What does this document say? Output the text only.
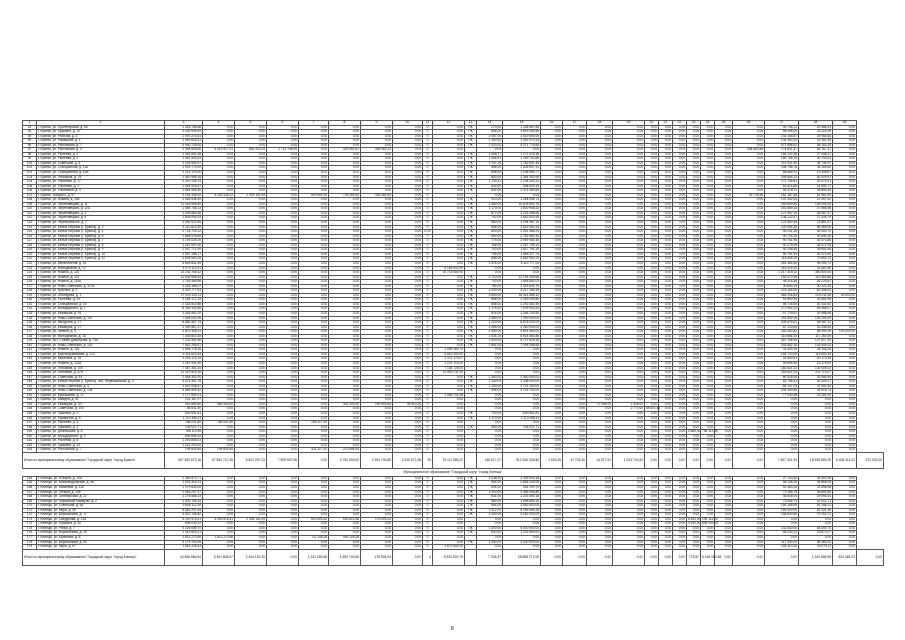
1	2	3	4	5	6	7	8	9	10	11	12	13	14	15	16	17	18	19	20	21	22	23	24	25	26	27	28	29	
92	г. Брянск, ул. Пролетарская, д. 66	1 418 756,88	0,00	0,00	0,00	0,00	0,00	0,00	0,00	0	0,00	ПК	270,00	1 148 567,88	0,00	0,00	0,00	0,00	0,00	0,00	0,00	0,00	0,00	0,00	0,00	49 745,21	29 388,41	0,00	
93	г. Брянск, ул. Пушкина, д. 10	4 100 905,09	0,00	0,00	0,00	0,00	0,00	0,00	0,00	0	0,00	ПК	666,00	3 649 349,59	0,00	0,00	0,00	0,00	0,00	0,00	0,00	0,00	0,00	0,00	0,00	58 058,05	43 114,05	0,00	
94	г. Брянск, ул. Рабочая, д. 5	2 900 274,61	0,00	0,00	0,00	0,00	0,00	0,00	0,00	0	0,00	ПК	2 057,00	2 619 690,05	0,00	0,00	0,00	0,00	0,00	0,00	0,00	0,00	0,00	0,00	0,00	232 165,87	28 983,64	0,00	
95	г. Брянск, ул. Ромашина, д. 1	1 569 618,31	0,00	0,00	0,00	0,00	0,00	0,00	0,00	0	0,00	ПК	1 150,00	1 392 273,24	0,00	0,00	0,00	0,00	0,00	0,00	0,00	0,00	0,00	0,00	0,00	134 963,26	42 382,46	0,00	
96	г. Брянск, ул. Ростовская, д. 7	4 990 729,00	0,00	0,00	0,00	0,00	0,00	0,00	0,00	0	0,00	ПК	1 020,00	4 271 775,65	0,00	0,00	0,00	0,00	0,00	0,00	0,00	0,00	0,00	0,00	0,00	571 896,62	46 143,20	0,00	
97	г. Брянск, ул. Ростовская, д. 4	2 394 606,66	4 019 517,91	892 333,09	2 713 746,05	0,00	425 983,51	465 983,23	0,00	0	0,00		0,00	0,00	0,00	0,00	0,00	0,00	0,00	0,00	0,00	0,00	0,00	0,00	354 583,58	174 841,37	82 767,37	0,00	
98	г. Брянск, ул. Рылеева, д. 2	1 351 651,46	0,00	0,00	0,00	0,00	0,00	0,00	0,00	0	0,00	ПК	1 055,77	1 171 015,36	0,00	0,00	0,00	0,00	0,00	0,00	0,00	0,00	0,00	0,00	0,00	154 122,38	27 448,17	0,00	
99	г. Брянск, ул. Рылеева, д. 3	1 462 400,03	0,00	0,00	0,00	0,00	0,00	0,00	0,00	0	0,00	ПК	1 496,51	1 259 742,86	0,00	0,00	0,00	0,00	0,00	0,00	0,00	0,00	0,00	0,00	0,00	150 705,78	40 793,03	0,00	
100	г. Брянск, ул. Советская, д. 5	2 028 554,97	0,00	0,00	0,00	0,00	0,00	0,00	0,00	0	0,00	ПК	1 147,20	1 782 691,38	0,00	0,00	0,00	0,00	0,00	0,00	0,00	0,00	0,00	0,00	0,00	211 031,54	34 734,97	0,00	
101	г. Брянск, ул. Станционная, д. 11А	1 503 774,00	0,00	0,00	0,00	0,00	0,00	0,00	0,00	0	0,00	ПК	856,00	1 306 607,31	0,00	0,00	0,00	0,00	0,00	0,00	0,00	0,00	0,00	0,00	0,00	158 768,78	36 165,62	0,00	
102	г. Брянск, ул. Станционная, д. 13А	1 213 170,00	0,00	0,00	0,00	0,00	0,00	0,00	0,00	0	0,00	ПК	848,00	1 108 985,77	0,00	0,00	0,00	0,00	0,00	0,00	0,00	0,00	0,00	0,00	0,00	84 864,91	19 308,67	0,00	
103	г. Брянск, ул. Тельмана, д. 78	2 840 985,18	0,00	0,00	0,00	0,00	0,00	0,00	0,00	0	0,00	ПК	850,00	2 384 092,69	0,00	0,00	0,00	0,00	0,00	0,00	0,00	0,00	0,00	0,00	0,00	394 664,23	62 009,51	0,00	
104	г. Брянск, ул. Ульянова, д. 17	2 310 135,79	0,00	0,00	0,00	0,00	0,00	0,00	0,00	0	0,00	ПК	1 130,11	2 108 340,22	0,00	0,00	0,00	0,00	0,00	0,00	0,00	0,00	0,00	0,00	0,00	171 748,81	30 074,41	0,00	
105	г. Брянск, ул. Ульянова, д. 2	1 044 918,57	0,00	0,00	0,00	0,00	0,00	0,00	0,00	0	0,00	ПК	440,00	948 826,15	0,00	0,00	0,00	0,00	0,00	0,00	0,00	0,00	0,00	0,00	0,00	81 614,65	14 594,77	0,00	
106	г. Брянск, ул. Ульяновой, д. 4	2 844 989,50	0,00	0,00	0,00	0,00	0,00	0,00	0,00	0	0,00	ПК	544,00	2 375 360,65	0,00	0,00	0,00	0,00	0,00	0,00	0,00	0,00	0,00	0,00	0,00	49 378,71	39 894,63	0,00	
107	г. Брянск, Урицкого, д. 97	4 153 336,02	4 153 336,02	2 924 152,49	0,00	519 905,30	709 289,50	355 384,60	0,00	0	0,00		0,00	0,00	0,00	0,00	0,00	0,00	0,00	0,00	0,00	0,00	0,00	0,00	49 725,85	162 187,56	51 962,40	0,00	
108	г. Брянск, ул. Фокина, д. 106	1 446 546,40	0,00	0,00	0,00	0,00	0,00	0,00	0,00	0	0,00	ПК	910,00	1 288 046,73	0,00	0,00	0,00	0,00	0,00	0,00	0,00	0,00	0,00	0,00	0,00	137 042,05	21 457,62	0,00	
109	г. Брянск, ул. Череповецкая, д. 11	11 418 555,50	0,00	0,00	0,00	0,00	0,00	0,00	0,00	0	0,00	ПК	2 480,00	10 878 650,75	0,00	0,00	0,00	0,00	0,00	0,00	0,00	0,00	0,00	0,00	0,00	390 699,80	149 205,05	0,00	
110	г. Брянск, ул. Череповецкая, д. 12А	1 689 756,13	0,00	0,00	0,00	0,00	0,00	0,00	0,00	0	0,00	ПК	1 170,00	1 500 908,22	0,00	0,00	0,00	0,00	0,00	0,00	0,00	0,00	0,00	0,00	0,00	161 689,33	27 968,58	0,00	
111	г. Брянск, ул. Череповецкая, д. 4	2 305 883,46	0,00	0,00	0,00	0,00	0,00	0,00	0,00	0	0,00	ПК	872,00	2 101 088,65	0,00	0,00	0,00	0,00	0,00	0,00	0,00	0,00	0,00	0,00	0,00	171 487,14	36 087,47	0,00	
112	г. Брянск, ул. Череповецкая, д. 5	1 808 094,53	0,00	0,00	0,00	0,00	0,00	0,00	0,00	0	0,00	ПК	792,00	1 642 624,95	0,00	0,00	0,00	0,00	0,00	0,00	0,00	0,00	0,00	0,00	0,00	138 122,57	27 435,79	0,00	
113	г. Брянск, ул. Черняховского, д. 7	1 430 522,60	0,00	0,00	0,00	0,00	0,00	0,00	0,00	0	0,00	ПК	680,00	1 294 567,14	0,00	0,00	0,00	0,00	0,00	0,00	0,00	0,00	0,00	0,00	0,00	121 060,44	22 861,67	0,00	
114	г. Брянск, ул. Белые Березки (г. Брянск), д. 2	4 110 814,50	0,00	0,00	0,00	0,00	0,00	0,00	0,00	0	0,00	ПК	896,00	3 833 450,26	0,00	0,00	0,00	0,00	0,00	0,00	0,00	0,00	0,00	0,00	0,00	220 954,38	56 369,06	0,00	
115	г. Брянск, ул. Белые Березки (г. Брянск), д. 4	2 718 714,12	0,00	0,00	0,00	0,00	0,00	0,00	0,00	0,00	0,00	ПК	800,00	2 592 466,24	0,00	0,00	0,00	0,00	0,00	0,00	0,00	0,00	0,00	0,00	0,00	90 231,28	40 000,70	0,00	
116	г. Брянск, ул. Белые Березки (г. Брянск), д. 6	2 868 978,85	0,00	0,00	0,00	0,00	0,00	0,00	0,00	0	0,00	ПК	500,00	2 782 860,34	0,00	0,00	0,00	0,00	0,00	0,00	0,00	0,00	0,00	0,00	0,00	40 718,25	30 440,26	0,00	
117	г. Брянск, ул. Белые Березки (г. Брянск), д. 7	2 193 025,20	0,00	0,00	0,00	0,00	0,00	0,00	0,00	0	0,00	ПК	775,00	2 059 454,30	0,00	0,00	0,00	0,00	0,00	0,00	0,00	0,00	0,00	0,00	0,00	90 751,95	43 373,86	0,00	
118	г. Брянск, ул. Белые Березки (г. Брянск), д. 8	2 187 057,00	0,00	0,00	0,00	0,00	0,00	0,00	0,00	0	0,00	ПК	765,00	2 057 706,10	0,00	0,00	0,00	0,00	0,00	0,00	0,00	0,00	0,00	0,00	0,00	90 279,55	38 371,95	0,00	
119	г. Брянск, ул. Белые Березки (г. Брянск), д. 9	2 047 771,90	0,00	0,00	0,00	0,00	0,00	0,00	0,00	0	0,00	ПК	700,00	1 917 791,30	0,00	0,00	0,00	0,00	0,00	0,00	0,00	0,00	0,00	0,00	0,00	90 198,95	39 681,65	0,00	
120	г. Брянск, ул. Белые Березки (г. Брянск), д. 10	2 097 288,77	0,00	0,00	0,00	0,00	0,00	0,00	0,00	0	0,00	ПК	706,00	1 966 117,74	0,00	0,00	0,00	0,00	0,00	0,00	0,00	0,00	0,00	0,00	0,00	90 751,53	40 373,40	0,00	
121	г. Брянск, ул. Белые Березки (г. Брянск), д. 11	2 839 990,25	0,00	0,00	0,00	0,00	0,00	0,00	0,00	0	0,00	ПК	808,00	2 652 592,24	0,00	0,00	0,00	0,00	0,00	0,00	0,00	0,00	0,00	0,00	0,00	116 545,29	70 852,72	0,00	
122	г. Брянск, ул. Металлистов, д. 16	5 645 831,45	0,00	0,00	0,00	0,00	0,00	0,00	0,00	0	0,00	ПК	1 575,00	5 110 777,00	0,00	0,00	0,00	0,00	0,00	0,00	0,00	0,00	0,00	0,00	0,00	351 465,40	98 294,72	0,00	
123	г. Брянск, ул. Молодежная, д. 12	5 274 113,91	0,00	0,00	0,00	0,00	0,00	0,00	0,00	0	5 156 902,99		0,00	0,00	0,00	0,00	0,00	0,00	0,00	0,00	0,00	0,00	0,00	0,00	0,00	118 376,94	41 662,85	0,00	
124	г. Брянск, ул. Фокина, д. 110	22 232 769,22	0,00	0,00	0,00	0,00	0,00	0,00	0,00	0	20 715 450,00		0,00	0,00	0,00	0,00	0,00	0,00	0,00	0,00	0,00	0,00	0,00	0,00	0,00	1 217 319,22	380 000,00	0,00	
125	г. Брянск, ул. Фокина, д. 113	12 533 958,44	0,00	0,00	0,00	0,00	0,00	0,00	0,00	0	0,00	ПК	2 710,00	12 151 539,68	0,00	0,00	0,00	0,00	0,00	0,00	0,00	0,00	0,00	0,00	0,00	260 073,48	119 383,88	0,00	
126	г. Брянск, ул. Фокина, д. 115А	1 783 489,56	0,00	0,00	0,00	0,00	0,00	0,00	0,00	0	0,00	ПК	720,00	1 658 852,03	0,00	0,00	0,00	0,00	0,00	0,00	0,00	0,00	0,00	0,00	0,00	98 416,86	26 220,67	0,00	
127	г. Брянск, ул. Ново-Советская, д. 117А	2 426 185,07	0,00	0,00	0,00	0,00	0,00	0,00	0,00	0	0,00	ПК	780,00	2 315 624,79	0,00	0,00	0,00	0,00	0,00	0,00	0,00	0,00	0,00	0,00	0,00	30 840,33	40 123,28	0,00	
128	г. Брянск, ул. Красина, д. 2	3 302 777,61	0,00	0,00	0,00	0,00	0,00	0,00	0,00	0	0,00	ПК	1 000,00	3 017 254,55	0,00	0,00	0,00	0,00	0,00	0,00	0,00	0,00	0,00	0,00	0,00	223 165,06	62 358,00	0,00	
129	г. Брянск, ул. Объездная, д. 3	17 020 205,11	0,00	0,00	0,00	0,00	0,00	0,00	0,00	0	0,00	ПК	2 800,00	16 314 856,32	0,00	0,00	0,00	0,00	0,00	0,00	0,00	0,00	0,00	0,00	0,00	485 336,83	220 011,96	30 000,00	
130	г. Брянск, ул. Рылеева, д. 25	2 184 171,15	0,00	0,00	0,00	0,00	0,00	0,00	0,00	0	0,00	ПК	856,00	2 049 005,86	0,00	0,00	0,00	0,00	0,00	0,00	0,00	0,00	0,00	0,00	0,00	91 650,34	43 464,95	0,00	
131	г. Брянск, ул. Станционная, д. 15	2 418 510,86	0,00	0,00	0,00	0,00	0,00	0,00	0,00	0	0,00	ПК	856,00	2 292 461,59	0,00	0,00	0,00	0,00	0,00	0,00	0,00	0,00	0,00	0,00	0,00	85 716,65	40 332,62	0,00	
132	г. Брянск, ул. Володарского, д. 1	8 308 333,56	0,00	0,00	0,00	0,00	0,00	0,00	0,00	0	0,00	ПК	1 175,00	7 905 903,25	0,00	0,00	0,00	0,00	0,00	0,00	0,00	0,00	0,00	0,00	0,00	272 964,24	69 466,07	0,00	
133	г. Брянск, ул. Бежицкая, д. 91	1 344 561,00	0,00	0,00	0,00	0,00	0,00	0,00	0,00	0	0,00	ПК	515,00	1 266 744,50	0,00	0,00	0,00	0,00	0,00	0,00	0,00	0,00	0,00	0,00	0,00	57 729,82	20 086,68	0,00	
134	г. Брянск, ул. Ново-Советская, д. 110	7 405 002,06	0,00	0,00	0,00	0,00	0,00	0,00	0,00	0	0,00	ПК	1 580,00	7 000 000,00	0,00	0,00	0,00	0,00	0,00	0,00	0,00	0,00	0,00	0,00	0,00	251 802,04	153 200,00	0,00	
135	г. Брянск, ул. Мичурина, д. 17	8 850 467,74	0,00	0,00	0,00	0,00	0,00	0,00	0,00	0	0,00	ПК	1 200,00	8 578 025,00	0,00	0,00	0,00	0,00	0,00	0,00	0,00	0,00	0,00	0,00	0,00	206 475,61	65 967,11	0,00	
136	г. Брянск, ул. Бежицкая, д. 17	2 390 567,27	0,00	0,00	0,00	0,00	0,00	0,00	0,00	0	0,00	ПК	1 265,00	2 260 000,00	0,00	0,00	0,00	0,00	0,00	0,00	0,00	0,00	0,00	0,00	0,00	87 230,64	43 336,63	0,00	
137	г. Брянск, ул. Ленина, д. 5	4 870 305,21	0,00	0,00	0,00	0,00	0,00	0,00	0,00	0	0,00	ПК	1 460,00	4 501 450,00	0,00	0,00	0,00	0,00	0,00	0,00	0,00	0,00	0,00	0,00	0,00	160 260,82	88 494,39	120 000,00	
138	г. Брянск, ул. Молодежная, д. 18	7 448 810,25	0,00	0,00	0,00	0,00	0,00	0,00	0,00	0	0,00	ПК	1 534,24	6 914 663,56	0,00	0,00	0,00	0,00	0,00	0,00	0,00	0,00	0,00	0,00	0,00	315 886,10	117 260,59	0,00	
139	г. Брянск, пр-т Станке Димитрова, д. 73А	7 232 451,85	0,00	0,00	0,00	0,00	0,00	0,00	0,00	0	0,00	ПК	1 600,00	6 707 825,38	0,00	0,00	0,00	0,00	0,00	0,00	0,00	0,00	0,00	0,00	0,00	387 108,54	137 517,93	0,00	
140	г. Брянск, ул. Ново-Советская, д. 132	7 882 265,87	0,00	0,00	0,00	0,00	0,00	0,00	0,00	0	0,00	ПК	1 851,00	7 395 358,68	0,00	0,00	0,00	0,00	0,00	0,00	0,00	0,00	0,00	0,00	0,00	343 462,16	143 445,03	0,00	
141	г. Брянск, ул. Фокина, д. 101	1 655 778,26	0,00	0,00	0,00	0,00	0,00	0,00	0,00	0	1 596 183,72		0,00	0,00	0,00	0,00	0,00	0,00	0,00	0,00	0,00	0,00	0,00	0,00	0,00	31 449,28	28 145,25	0,00	
142	г. Брянск, ул. Красноармейская, д. 113	6 114 610,44	0,00	0,00	0,00	0,00	0,00	0,00	0,00	0	5 840 250,00		0,00	0,00	0,00	0,00	0,00	0,00	0,00	0,00	0,00	0,00	0,00	0,00	0,00	154 710,09	119 650,35	0,00	
143	г. Брянск, ул. Калинина, д. 76	2 293 174,14	0,00	0,00	0,00	0,00	0,00	0,00	0,00	0	2 211 170,07		0,00	0,00	0,00	0,00	0,00	0,00	0,00	0,00	0,00	0,00	0,00	0,00	0,00	41 830,61	40 173,46	0,00	
144	г. Брянск, ул. Фокина, д. 113А	1 287 541,50	0,00	0,00	0,00	0,00	0,00	0,00	0,00	0	1 222 710,00		0,00	0,00	0,00	0,00	0,00	0,00	0,00	0,00	0,00	0,00	0,00	0,00	0,00	49 655,98	15 175,52	0,00	
145	г. Брянск, ул. Тельмана, д. 100	7 467 351,24	0,00	0,00	0,00	0,00	0,00	0,00	0,00	0	7 154 725,00		0,00	0,00	0,00	0,00	0,00	0,00	0,00	0,00	0,00	0,00	0,00	0,00	0,00	182 621,22	130 005,02	0,00	
146	г. Брянск, ул. Литейная, д. 57А	11 415 525,16	0,00	0,00	0,00	0,00	0,00	0,00	0,00	0	10 950 211,00		0,00	0,00	0,00	0,00	0,00	0,00	0,00	0,00	0,00	0,00	0,00	0,00	0,00	253 601,09	211 713,07	0,00	
147	г. Брянск, ул. Советская, д. 93	2 464 301,00	0,00	0,00	0,00	0,00	0,00	0,00	0,00	0	0,00	ПК	1 360,00	2 350 000,00	0,00	0,00	0,00	0,00	0,00	0,00	0,00	0,00	0,00	0,00	0,00	80 316,06	33 984,94	0,00	
148	г. Брянск, ул. Белые Березки (г. Брянск), пос. Первомайский, д. 3	4 474 301,78	0,00	0,00	0,00	0,00	0,00	0,00	0,00	0	0,00	ПК	1 240,00	4 338 000,00	0,00	0,00	0,00	0,00	0,00	0,00	0,00	0,00	0,00	0,00	0,00	82 796,61	53 505,17	0,00	
149	г. Брянск, ул. Ново-Советская, д. 4	2 822 938,57	0,00	0,00	0,00	0,00	0,00	0,00	0,00	0	0,00	ПК	1 100,00	2 701 250,00	0,00	0,00	0,00	0,00	0,00	0,00	0,00	0,00	0,00	0,00	0,00	84 137,03	37 551,54	0,00	
150	г. Брянск, ул. Ново-Советская, д. 135	3 969 499,42	0,00	0,00	0,00	0,00	0,00	0,00	0,00	0	0,00	ПК	996,00	3 725 700,00	0,00	0,00	0,00	0,00	0,00	0,00	0,00	0,00	0,00	0,00	0,00	209 280,60	34 518,74	0,00	
151	г. Брянск, ул. Куйбышева, д. 17	1 177 804,01	0,00	0,00	0,00	0,00	0,00	0,00	0,00	0	1 055 732,38		0,00	0,00	0,00	0,00	0,00	0,00	0,00	0,00	0,00	0,00	0,00	0,00	0,00	77 040,48	23 281,00	0,00	
152	г. Брянск, ул. Шмидта, д. 41	231 167,97	0,00	0,00	0,00	0,00	0,00	0,00	0,00	0	0,00		0,00	0,00	0,00	0,00	0,00	0,00	0,00	0,00	0,00	0,00	0,00	0,00	0,00	0,00	0,00	0,00	
153	г. Брянск, ул. Бежицкая, д. 327	451 680,60	382 400,00	0,00	0,00	0,00	381 305,30	260 903,64	45 910,26	0	0,00		0,00	0,00	0,00	0,00	27 094,00	1 326,00	0,00	0,00	0,00	0,00	0,00	0,00	0,00	0,00	0,00	0,00	
154	г. Брянск, ул. Советская, д. 100	65 831,40	0,00	0,00	0,00	0,00	0,00	0,00	0,00	0	0,00		0,00	0,00	0,00	0,00	0,00	2 770,00	65 831,40	0,00	0,00	0,00	0,00	0,00	0,00	0,00	0,00	0,00	
155	г. Брянск, ул. Пушкина, д. 1	640 551,81	0,00	0,00	0,00	0,00	0,00	0,00	0,00	0	0,00	ПК	730,00	640 551,81	0,00	0,00	0,00	0,00	0,00	0,00	0,00	0,00	0,00	0,00	0,00	0,00	0,00	0,00	
156	г. Брянск, ул. Ромашина, д. 5	1 213 398,11	0,00	0,00	0,00	0,00	0,00	0,00	0,00	0	0,00	ПК	1 170,00	1 213 398,11	0,00	0,00	0,00	0,00	0,00	0,00	0,00	0,00	0,00	0,00	0,00	0,00	0,00	0,00	
157	г. Брянск, ул. Рылеева, д. 3	786 041,80	786 041,80	0,00	0,00	266 117,90	0,00	0,00	0,00	0	0,00		0,00	0,00	0,00	0,00	0,00	0,00	0,00	0,00	0,00	0,00	0,00	0,00	0,00	0,00	0,00	0,00	
158	г. Брянск, ул. Пушкина, д. 3	145 021,71	0,00	0,00	0,00	0,00	0,00	0,00	0,00	0	0,00	ПК	680,00	145 021,71	0,00	0,00	0,00	0,00	0,00	0,00	0,00	0,00	0,00	0,00	0,00	0,00	0,00	0,00	
159	г. Брянск, ул. Донбасская, д. 8	758 113,96	0,00	0,00	0,00	0,00	0,00	0,00	0,00	0	0,00		0,00	0,00	0,00	0,00	0,00	0,00	0,00	0,00	0,00	4 680,00	758 113,96	0,00	0,00	0,00	0,00	0,00	
160	г. Брянск, ул. Володарского, д. 3	805 856,34	0,00	0,00	0,00	0,00	0,00	0,00	0,00	0	0,00		0,00	0,00	0,00	0,00	0,00	0,00	0,00	0,00	0,00	0,00	0,00	0,00	0,00	0,00	0,00	0,00	
161	г. Брянск, ул. Рылеева, д. 8	1 293 856,03	0,00	0,00	0,00	0,00	0,00	0,00	0,00	0	0,00		0,00	0,00	0,00	0,00	0,00	0,00	0,00	0,00	0,00	0,00	0,00	0,00	0,00	0,00	0,00	0,00	
162	г. Брянск, ул. Пушкина, д. 10	1 014 200,00	0,00	0,00	0,00	0,00	0,00	0,00	0,00	0	0,00		0,00	0,00	0,00	0,00	0,00	0,00	0,00	0,00	0,00	0,00	0,00	0,00	0,00	0,00	0,00	0,00	
163	г. Брянск, ул. Ростовская, д. 7	794 604,84	794 604,84	0,00	0,00	521 117,90	273 486,94	0,00	0,00	0	0,00		0,00	0,00	0,00	0,00	0,00	0,00	0,00	0,00	0,00	0,00	0,00	0,00	0,00	0,00	0,00	0,00	
Итого по муниципальному образованию "Городской округ "город Брянск"		607 552 872,18	57 554 747,45	6 601 097,23	7 909 920,36	0,00	3 754 309,62	3 394 740,86	2 615 572,48	35	75 111 585,22		146 017,27	512 546 026,56	1 543,39	47 734,40	14 577,00	1 913 740,60	0,00	0,00	0,00	0,00	0,00	0,00	0,00	7 667 401,93	18 939 559,29	6 408 114,22	270 000,00
Муниципальное образование "Городской округ "город Клинцы"
164	г. Клинцы, ул. 8 Марта, д. 13А	2 364 673,71	0,00	0,00	0,00	0,00	0,00	0,00	0,00	0	0,00	ПК	1 038,00	2 305 653,38	0,00	0,00	0,00	0,00	0,00	0,00	0,00	0,00	0,00	0,00	0,00	27 143,55	34 802,08	0,00	
165	г. Клинцы, ул. Александровская, д. 48	2 993 319,21	0,00	0,00	0,00	0,00	0,00	0,00	0,00	0	0,00	ПК	964,00	2 848 224,05	0,00	0,00	0,00	0,00	0,00	0,00	0,00	0,00	0,00	0,00	0,00	95 226,29	49 868,05	0,00	
166	г. Клинцы, ул. Калинина, д. 116	1 079 630,00	0,00	0,00	0,00	0,00	0,00	0,00	0,00	0	0,00	ПК	644,00	981 290,79	0,00	0,00	0,00	0,00	0,00	0,00	0,00	0,00	0,00	0,00	0,00	52 480,34	31 896,98	0,00	
167	г. Клинцы, ул. Ленина, д. 106	2 463 207,37	0,00	0,00	0,00	0,00	0,00	0,00	0,00	0	0,00	ПК	1 000,00	2 356 046,80	0,00	0,00	0,00	0,00	0,00	0,00	0,00	0,00	0,00	0,00	0,00	72 286,75	36 853,50	0,00	
168	г. Клинцы, ул. Октябрьская, д. 22	1 278 566,23	0,00	0,00	0,00	0,00	0,00	0,00	0,00	0	0,00	ПК	631,00	1 203 490,18	0,00	0,00	0,00	0,00	0,00	0,00	0,00	0,00	0,00	0,00	0,00	45 516,04	29 594,51	0,00	
169	г. Клинцы, ул. Парижской Коммуны, д. 2	1 600 704,14	0,00	0,00	0,00	0,00	0,00	0,00	0,00	0	0,00	ПК	880,00	1 495 665,16	0,00	0,00	0,00	0,00	0,00	0,00	0,00	0,00	0,00	0,00	0,00	73 044,71	32 014,71	0,00	
170	г. Клинцы, ул. Советская, д. 68	3 658 112,16	0,00	0,00	0,00	0,00	0,00	0,00	0,00	0	0,00	ПК	964,00	3 452 600,00	0,00	0,00	0,00	0,00	0,00	0,00	0,00	0,00	0,00	0,00	0,00	154 165,95	51 346,21	0,00	
171	г. Клинцы, ул. Мира, д. 45	5 461 297,64	0,00	0,00	0,00	0,00	0,00	0,00	0,00	0	0,00	ПК	1 312,00	5 189 456,28	0,00	0,00	0,00	0,00	0,00	0,00	0,00	0,00	0,00	0,00	0,00	189 420,00	82 421,36	0,00	
172	г. Клинцы, ул. Ворошилова, д. 17	4 510 745,52	0,00	0,00	0,00	0,00	0,00	0,00	0,00	0	0,00	ПК	1 250,00	4 282 000,00	0,00	0,00	0,00	0,00	0,00	0,00	0,00	0,00	0,00	0,00	0,00	158 640,80	70 104,72	0,00	
173	г. Клинцы, ул. Свердлова, д. 21А	4 290 578,41	4 290 578,41	2 904 152,49	0,00	519 905,30	690 615,38	175 905,24	0,00	0	0,00		0,00	0,00	0,00	0,00	0,00	0,00	0,00	0,00	0,00	6 400,00	195 113,00	0,00	0,00	0,00	0,00	0,00	
174	г. Клинцы, ул. Пушкина, д. 40	838 030,14	0,00	0,00	0,00	0,00	0,00	0,00	0,00	0	0,00		0,00	0,00	0,00	0,00	0,00	0,00	0,00	0,00	0,00	4 150,00	838 030,14	0,00	0,00	0,00	0,00	0,00	
175	г. Клинцы, ул. Рябка, д. 7	5 226 659,70	0,00	0,00	0,00	0,00	0,00	0,00	0,00	0	0,00	ПК	1 400,00	5 000 000,00	0,00	0,00	0,00	0,00	0,00	0,00	0,00	0,00	0,00	0,00	0,00	142 600,00	84 059,70	0,00	
176	г. Клинцы, ул. Ворошилова, д. 29	1 313 603,21	0,00	0,00	0,00	0,00	0,00	0,00	0,00	0	0,00	ПК	640,00	1 233 500,00	0,00	0,00	0,00	0,00	0,00	0,00	0,00	0,00	0,00	0,00	0,00	56 230,14	23 873,07	0,00	
177	г. Клинцы, ул. Калинина, д. 8	1 611 270,56	1 611 270,56	0,00	0,00	711 145,28	900 125,28	0,00	0,00	0	0,00		0,00	0,00	0,00	0,00	0,00	0,00	0,00	0,00	0,00	0,00	0,00	0,00	0,00	0,00	0,00	0,00	
178	г. Клинцы, ул. Ворошилова, д. 60	3 175 700,00	0,00	0,00	0,00	0,00	0,00	0,00	0,00	0	0,00	ПК	1 080,00	3 000 000,00	0,00	0,00	0,00	0,00	0,00	0,00	0,00	0,00	0,00	0,00	0,00	117 340,00	58 360,00	0,00	
179	г. Клинцы, ул. Мира, д. 67	1 861 228,43	0,00	0,00	0,00	0,00	0,00	0,00	0,00	0	1 672 840,00		0,00	0,00	0,00	0,00	0,00	0,00	0,00	0,00	0,00	0,00	0,00	0,00	0,00	154 313,32	34 075,11	0,00	
Итого по муниципальному образованию "Городской округ "город Клинцы"		43 556 866,54	5 901 848,97	2 904 152,49	0,00	1 231 050,58	1 590 740,66	175 905,24	0,00	4	5 934 620,79		7 326,37	28 858 272,08	0,00	0,00	0,00	0,00	0,00	0,00	0,00	775,57	6 184 082,98	0,00	0,00	0,00	1 240 656,99	824 465,23	0,00
8
